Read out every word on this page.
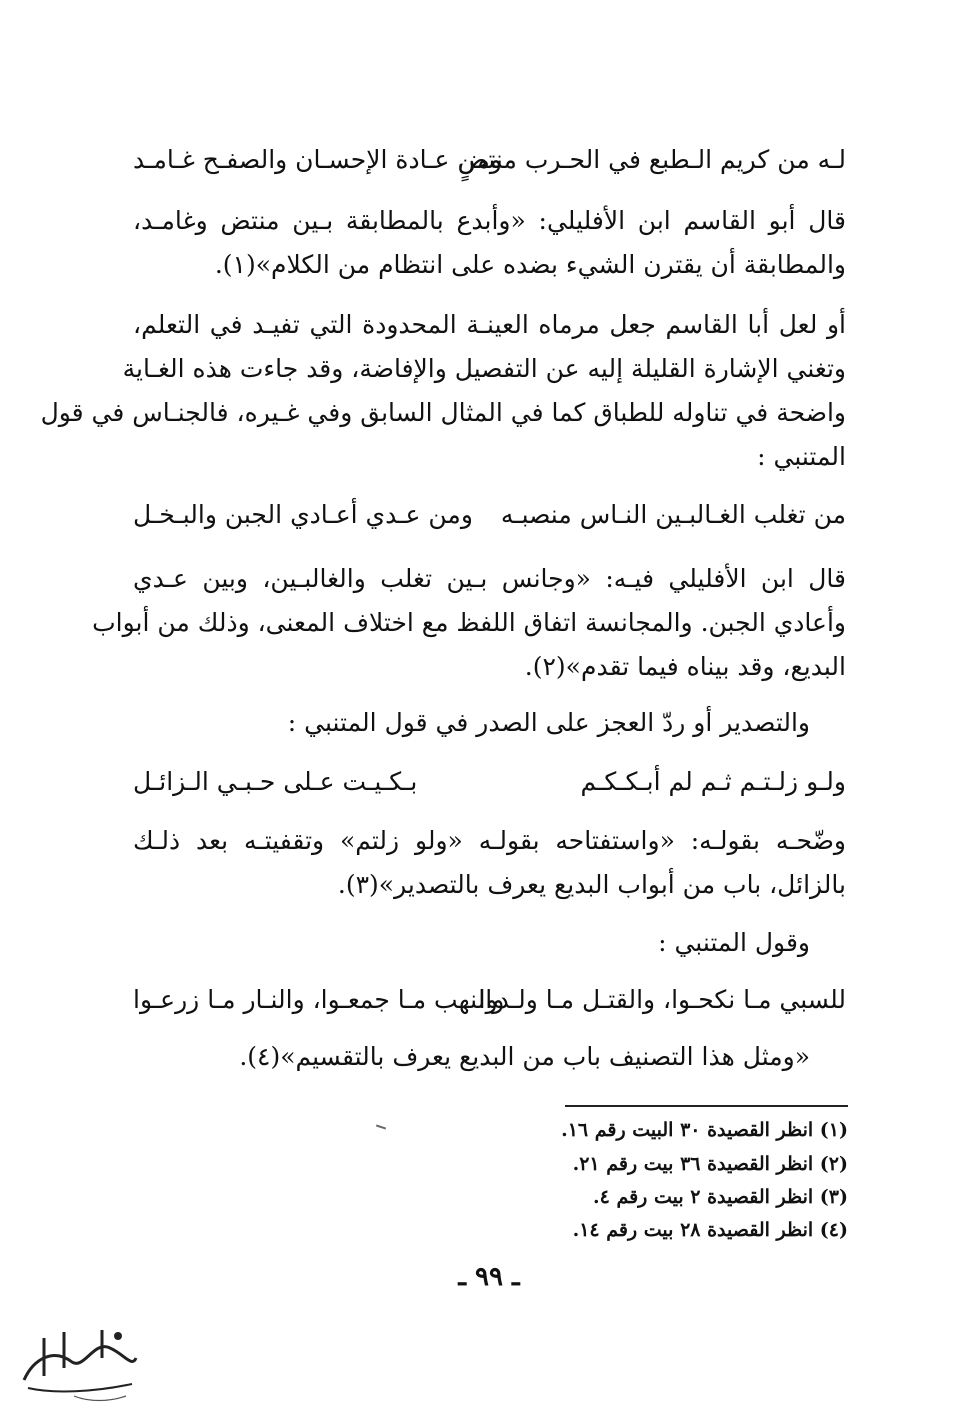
لـه من كريم الـطبع في الحـرب منتضٍ
ومن عـادة الإحسـان والصفـح غـامـد
قال أبو القاسم ابن الأفليلي: «وأبدع بالمطابقة بـين منتض وغامـد،
والمطابقة أن يقترن الشيء بضده على انتظام من الكلام»(١).
أو لعل أبا القاسم جعل مرماه العينـة المحدودة التي تفيـد في التعلم،
وتغني الإشارة القليلة إليه عن التفصيل والإفاضة، وقد جاءت هذه الغـاية
واضحة في تناوله للطباق كما في المثال السابق وفي غـيره، فالجنـاس في قول
المتنبي :
من تغلب الغـالبـين النـاس منصبـه
ومن عـدي أعـادي الجبن والبـخـل
قال ابن الأفليلي فيـه: «وجانس بـين تغلب والغالبـين، وبين عـدي
وأعادي الجبن. والمجانسة اتفاق اللفظ مع اختلاف المعنى، وذلك من أبواب
البديع، وقد بيناه فيما تقدم»(٢).
والتصدير أو ردّ العجز على الصدر في قول المتنبي :
ولـو زلـتـم ثـم لم أبـكـكـم
بـكـيـت عـلى حـبـي الـزائـل
وضّحـه بقولـه: «واستفتاحه بقولـه «ولو زلتم» وتقفيتـه بعد ذلـك
بالزائل، باب من أبواب البديع يعرف بالتصدير»(٣).
وقول المتنبي :
للسبي مـا نكحـوا، والقتـل مـا ولـدوا
والنهب مـا جمعـوا، والنـار مـا زرعـوا
«ومثل هذا التصنيف باب من البديع يعرف بالتقسيم»(٤).
(١) انظر القصيدة ٣٠ البيت رقم ١٦.
(٢) انظر القصيدة ٣٦ بيت رقم ٢١.
(٣) انظر القصيدة ٢ بيت رقم ٤.
(٤) انظر القصيدة ٢٨ بيت رقم ١٤.
ـ ٩٩ ـ
